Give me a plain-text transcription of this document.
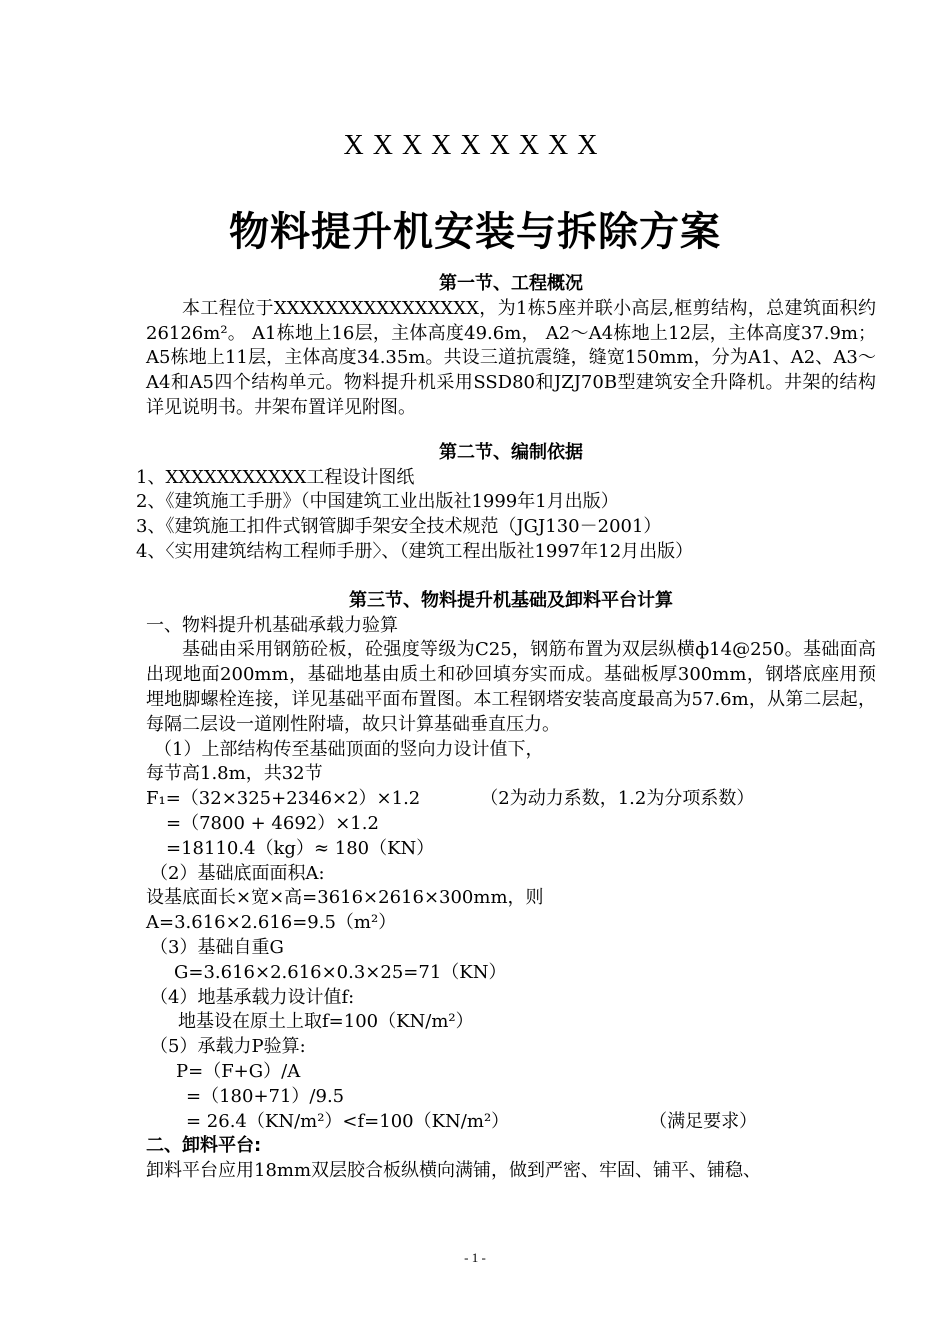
XXXXXXXXX
物料提升机安装与拆除方案
第一节、工程概况
本工程位于XXXXXXXXXXXXXXXX，为1栋5座并联小高层,框剪结构，总建筑面积约26126m²。 A1栋地上16层，主体高度49.6m， A2～A4栋地上12层，主体高度37.9m；A5栋地上11层，主体高度34.35m。共设三道抗震缝，缝宽150mm，分为A1、A2、A3～A4和A5四个结构单元。物料提升机采用SSD80和JZJ70B型建筑安全升降机。井架的结构详见说明书。井架布置详见附图。
第二节、编制依据
1、XXXXXXXXXXX工程设计图纸
2、《建筑施工手册》（中国建筑工业出版社1999年1月出版）
3、《建筑施工扣件式钢管脚手架安全技术规范（JGJ130－2001）
4、〈实用建筑结构工程师手册〉、（建筑工程出版社1997年12月出版）
第三节、物料提升机基础及卸料平台计算
一、物料提升机基础承载力验算
基础由采用钢筋砼板，砼强度等级为C25，钢筋布置为双层纵横ф14@250。基础面高出现地面200mm，基础地基由质土和砂回填夯实而成。基础板厚300mm，钢塔底座用预埋地脚螺栓连接，详见基础平面布置图。本工程钢塔安装高度最高为57.6m，从第二层起，每隔二层设一道刚性附墙，故只计算基础垂直压力。
（1）上部结构传至基础顶面的竖向力设计值下，
每节高1.8m，共32节
F₁=（32×325+2346×2）×1.2	（2为动力系数，1.2为分项系数）
=（7800 + 4692）×1.2
=18110.4（kg）≈ 180（KN）
（2）基础底面面积A:
设基底面长×宽×高=3616×2616×300mm，则
A=3.616×2.616=9.5（m²）
（3）基础自重G
G=3.616×2.616×0.3×25=71（KN）
（4）地基承载力设计值f:
地基设在原土上取f=100（KN/m²）
（5）承载力P验算:
P=（F+G）/A
=（180+71）/9.5
= 26.4（KN/m²）<f=100（KN/m²）	（满足要求）
二、卸料平台:
卸料平台应用18mm双层胶合板纵横向满铺，做到严密、牢固、铺平、铺稳、
- 1 -
